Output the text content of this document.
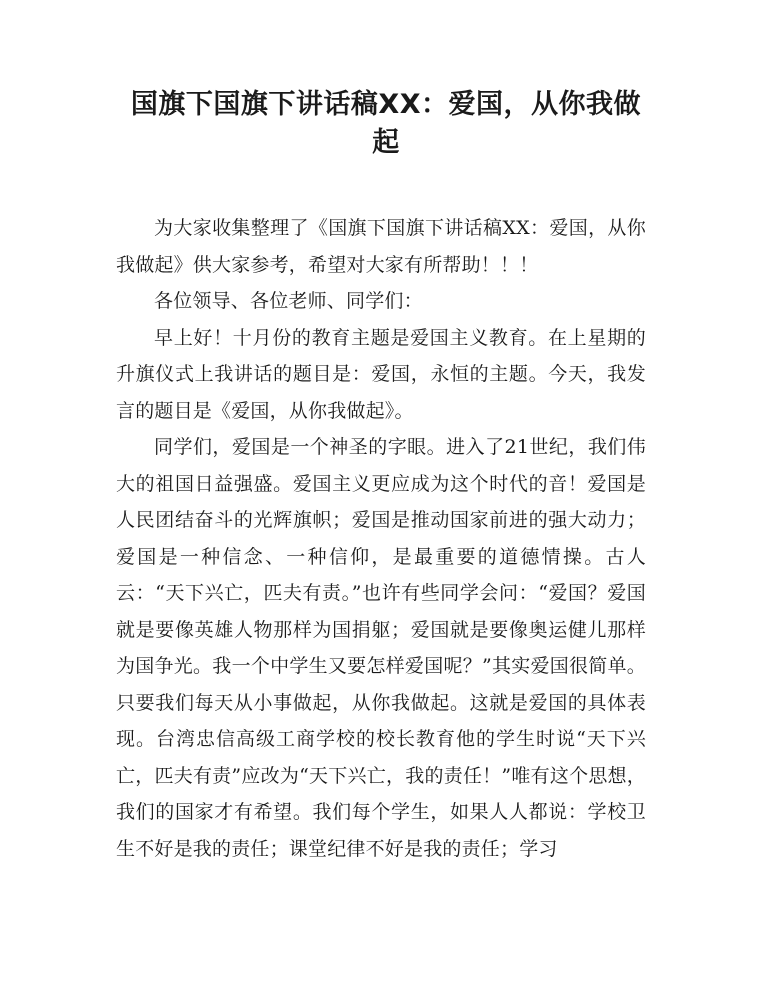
国旗下国旗下讲话稿XX：爱国，从你我做起

为大家收集整理了《国旗下国旗下讲话稿XX：爱国，从你我做起》供大家参考，希望对大家有所帮助！！！

各位领导、各位老师、同学们：

早上好！十月份的教育主题是爱国主义教育。在上星期的升旗仪式上我讲话的题目是：爱国，永恒的主题。今天，我发言的题目是《爱国，从你我做起》。

同学们，爱国是一个神圣的字眼。进入了21世纪，我们伟大的祖国日益强盛。爱国主义更应成为这个时代的音！爱国是人民团结奋斗的光辉旗帜；爱国是推动国家前进的强大动力；爱国是一种信念、一种信仰，是最重要的道德情操。古人云：“天下兴亡，匹夫有责。”也许有些同学会问：“爱国？爱国就是要像英雄人物那样为国捐躯；爱国就是要像奥运健儿那样为国争光。我一个中学生又要怎样爱国呢？”其实爱国很简单。只要我们每天从小事做起，从你我做起。这就是爱国的具体表现。台湾忠信高级工商学校的校长教育他的学生时说“天下兴亡，匹夫有责”应改为“天下兴亡，我的责任！”唯有这个思想，我们的国家才有希望。我们每个学生，如果人人都说：学校卫生不好是我的责任；课堂纪律不好是我的责任；学习
